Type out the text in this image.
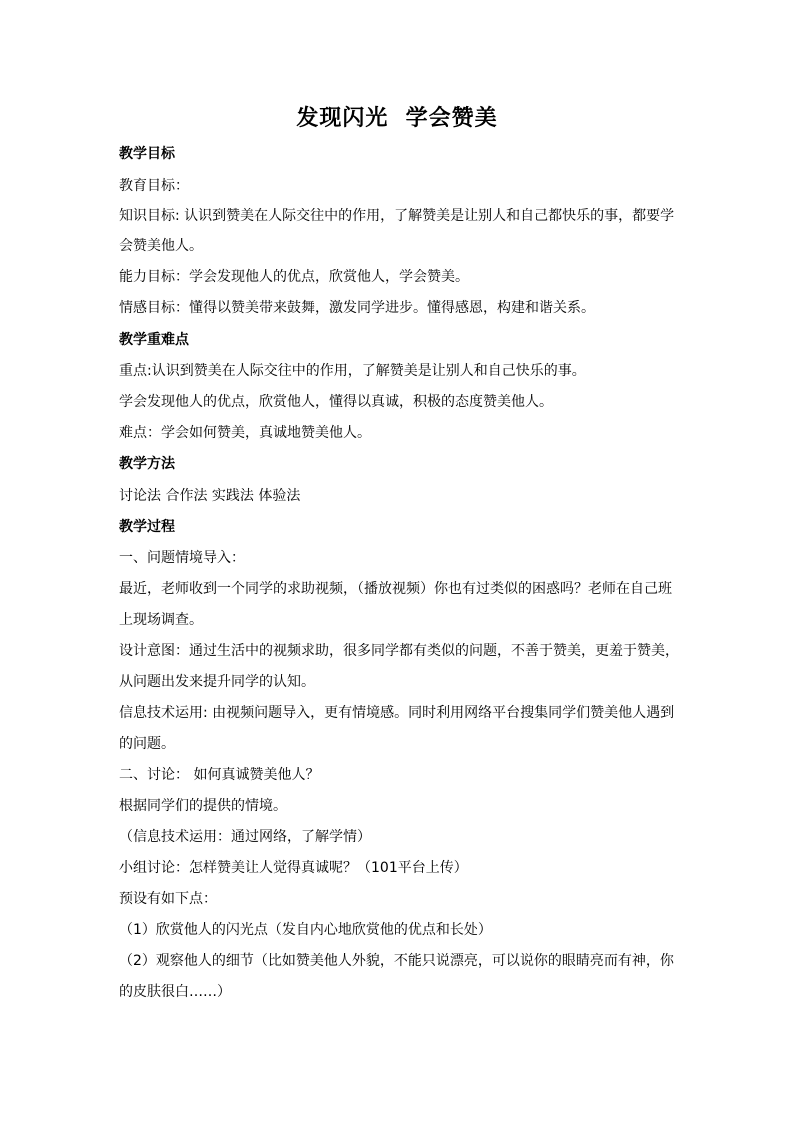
发现闪光  学会赞美
教学目标
教育目标：
知识目标: 认识到赞美在人际交往中的作用，了解赞美是让别人和自己都快乐的事，都要学
会赞美他人。
能力目标：学会发现他人的优点，欣赏他人，学会赞美。
情感目标：懂得以赞美带来鼓舞，激发同学进步。懂得感恩，构建和谐关系。
教学重难点
重点:认识到赞美在人际交往中的作用，了解赞美是让别人和自己快乐的事。
学会发现他人的优点，欣赏他人，懂得以真诚，积极的态度赞美他人。
难点：学会如何赞美，真诚地赞美他人。
教学方法
讨论法 合作法 实践法 体验法
教学过程
一、问题情境导入：
最近，老师收到一个同学的求助视频，（播放视频）你也有过类似的困惑吗？老师在自己班
上现场调查。
设计意图：通过生活中的视频求助，很多同学都有类似的问题，不善于赞美，更羞于赞美，
从问题出发来提升同学的认知。
信息技术运用: 由视频问题导入，更有情境感。同时利用网络平台搜集同学们赞美他人遇到
的问题。
二、讨论： 如何真诚赞美他人？
根据同学们的提供的情境。
（信息技术运用：通过网络，了解学情）
小组讨论：怎样赞美让人觉得真诚呢？（101平台上传）
预设有如下点：
（1）欣赏他人的闪光点（发自内心地欣赏他的优点和长处）
（2）观察他人的细节（比如赞美他人外貌，不能只说漂亮，可以说你的眼睛亮而有神，你
的皮肤很白……）
